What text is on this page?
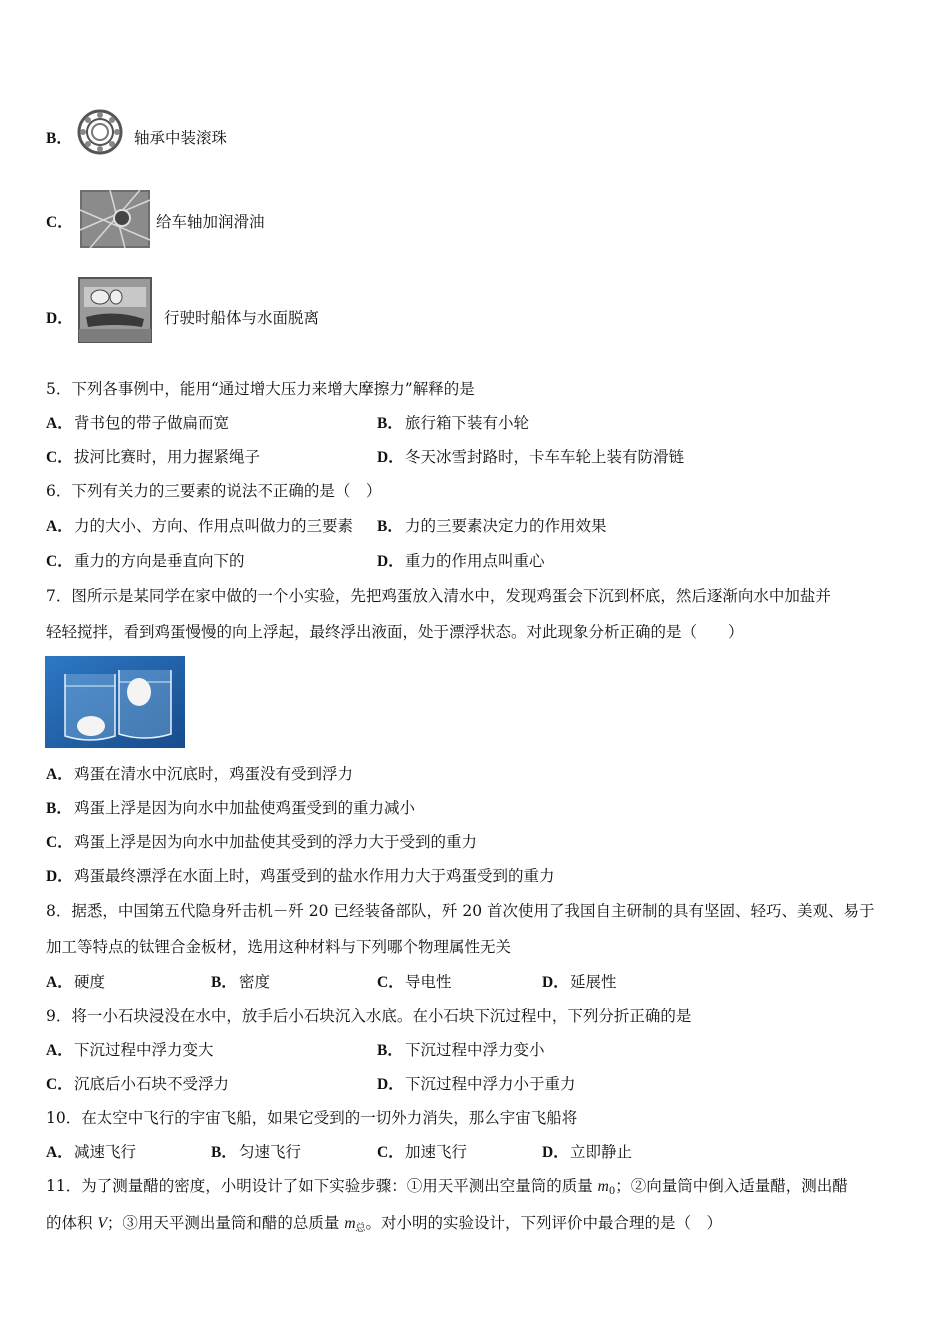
B．	轴承中装滚珠
C．	给车轴加润滑油
D．	行驶时船体与水面脱离
5．下列各事例中，能用“通过增大压力来增大摩擦力”解释的是
A．背书包的带子做扁而宽	B． 旅行箱下装有小轮
C．拔河比赛时，用力握紧绳子	D．冬天冰雪封路时，卡车车轮上装有防滑链
6．下列有关力的三要素的说法不正确的是（　）
A．力的大小、方向、作用点叫做力的三要素 B． 力的三要素决定力的作用效果
C．重力的方向是垂直向下的	D．重力的作用点叫重心
7．图所示是某同学在家中做的一个小实验，先把鸡蛋放入清水中，发现鸡蛋会下沉到杯底，然后逐渐向水中加盐并
轻轻搅拌，看到鸡蛋慢慢的向上浮起，最终浮出液面，处于漂浮状态。对此现象分析正确的是（　　）
A．鸡蛋在清水中沉底时，鸡蛋没有受到浮力
B． 鸡蛋上浮是因为向水中加盐使鸡蛋受到的重力减小
C．鸡蛋上浮是因为向水中加盐使其受到的浮力大于受到的重力
D．鸡蛋最终漂浮在水面上时，鸡蛋受到的盐水作用力大于鸡蛋受到的重力
8．据悉，中国第五代隐身歼击机－歼 20 已经装备部队，歼 20 首次使用了我国自主研制的具有坚固、轻巧、美观、易于
加工等特点的钛锂合金板材，选用这种材料与下列哪个物理属性无关
A．硬度	B． 密度	C．导电性	D．延展性
9．将一小石块浸没在水中，放手后小石块沉入水底。在小石块下沉过程中，下列分折正确的是
A．下沉过程中浮力变大	B． 下沉过程中浮力变小
C．沉底后小石块不受浮力	D．下沉过程中浮力小于重力
10．在太空中飞行的宇宙飞船，如果它受到的一切外力消失，那么宇宙飞船将
A．减速飞行	B． 匀速飞行	C．加速飞行	D．立即静止
11．为了测量醋的密度，小明设计了如下实验步骤：①用天平测出空量筒的质量 $m_0$；②向量筒中倒入适量醋，测出醋
的体积 V；③用天平测出量筒和醋的总质量 $m_总$。对小明的实验设计，下列评价中最合理的是（　）
